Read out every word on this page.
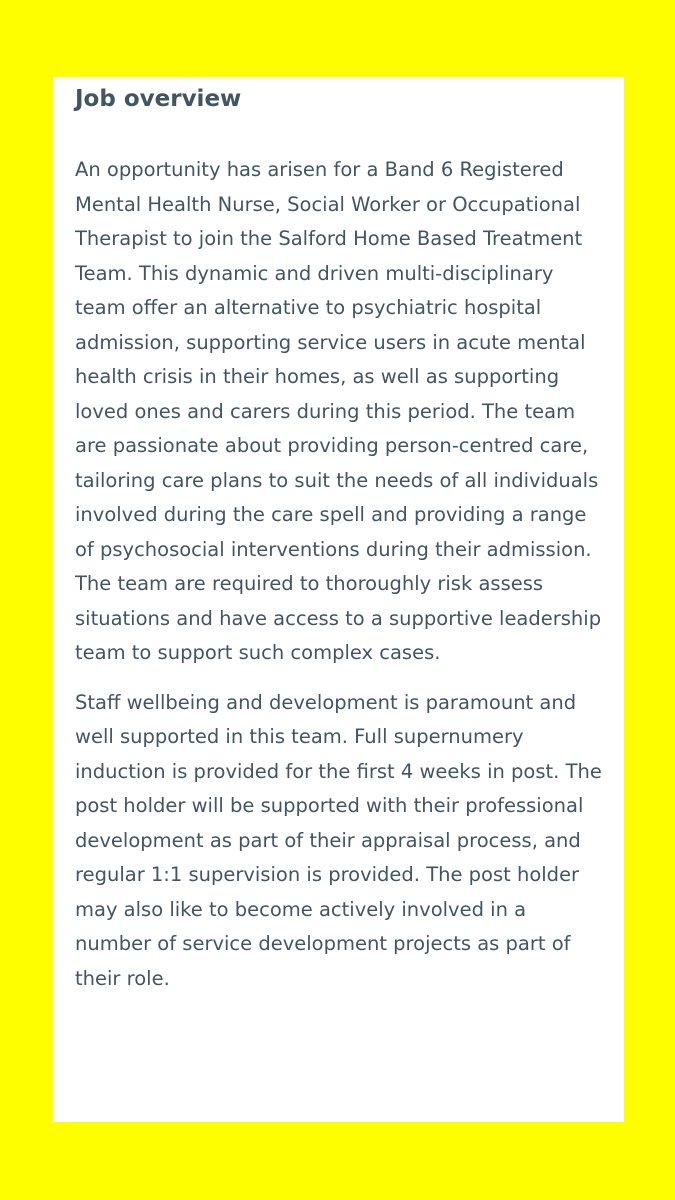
Job overview

An opportunity has arisen for a Band 6 Registered Mental Health Nurse, Social Worker or Occupational Therapist to join the Salford Home Based Treatment Team. This dynamic and driven multi-disciplinary team offer an alternative to psychiatric hospital admission, supporting service users in acute mental health crisis in their homes, as well as supporting loved ones and carers during this period. The team are passionate about providing person-centred care, tailoring care plans to suit the needs of all individuals involved during the care spell and providing a range of psychosocial interventions during their admission. The team are required to thoroughly risk assess situations and have access to a supportive leadership team to support such complex cases.

Staff wellbeing and development is paramount and well supported in this team. Full supernumery induction is provided for the first 4 weeks in post. The post holder will be supported with their professional development as part of their appraisal process, and regular 1:1 supervision is provided. The post holder may also like to become actively involved in a number of service development projects as part of their role.
